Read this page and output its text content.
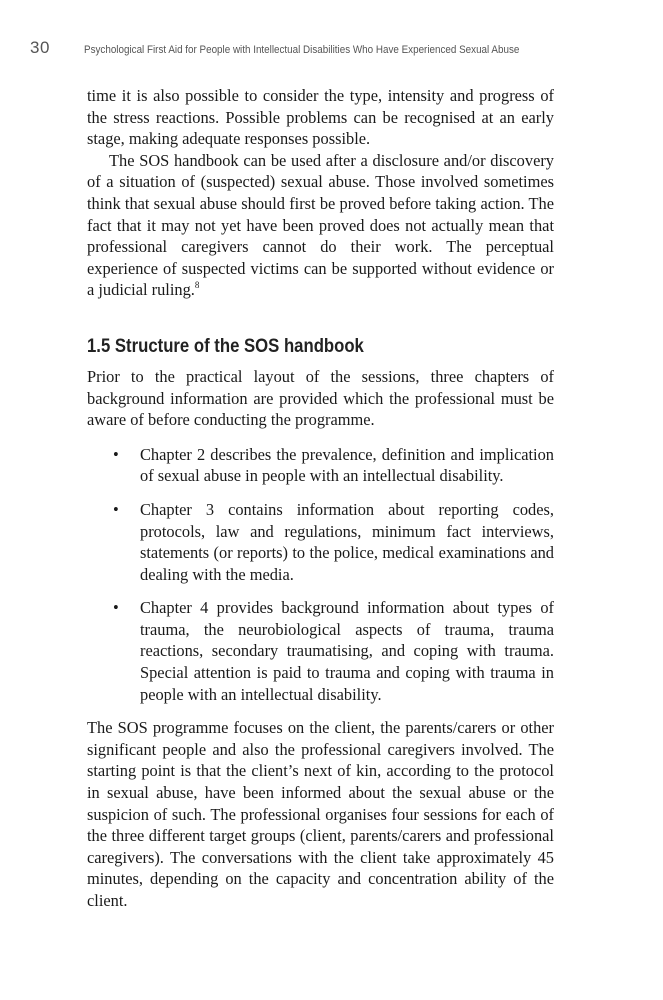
30	Psychological First Aid for People with Intellectual Disabilities Who Have Experienced Sexual Abuse

time it is also possible to consider the type, intensity and progress of the stress reactions. Possible problems can be recognised at an early stage, making adequate responses possible.

The SOS handbook can be used after a disclosure and/or discovery of a situation of (suspected) sexual abuse. Those involved sometimes think that sexual abuse should first be proved before taking action. The fact that it may not yet have been proved does not actually mean that professional caregivers cannot do their work. The perceptual experience of suspected victims can be supported without evidence or a judicial ruling.$^8$

1.5 Structure of the SOS handbook

Prior to the practical layout of the sessions, three chapters of background information are provided which the professional must be aware of before conducting the programme.

• Chapter 2 describes the prevalence, definition and implication of sexual abuse in people with an intellectual disability.
• Chapter 3 contains information about reporting codes, protocols, law and regulations, minimum fact interviews, statements (or reports) to the police, medical examinations and dealing with the media.
• Chapter 4 provides background information about types of trauma, the neurobiological aspects of trauma, trauma reactions, secondary traumatising, and coping with trauma. Special attention is paid to trauma and coping with trauma in people with an intellectual disability.

The SOS programme focuses on the client, the parents/carers or other significant people and also the professional caregivers involved. The starting point is that the client’s next of kin, according to the protocol in sexual abuse, have been informed about the sexual abuse or the suspicion of such. The professional organises four sessions for each of the three different target groups (client, parents/carers and professional caregivers). The conversations with the client take approximately 45 minutes, depending on the capacity and concentration ability of the client.
